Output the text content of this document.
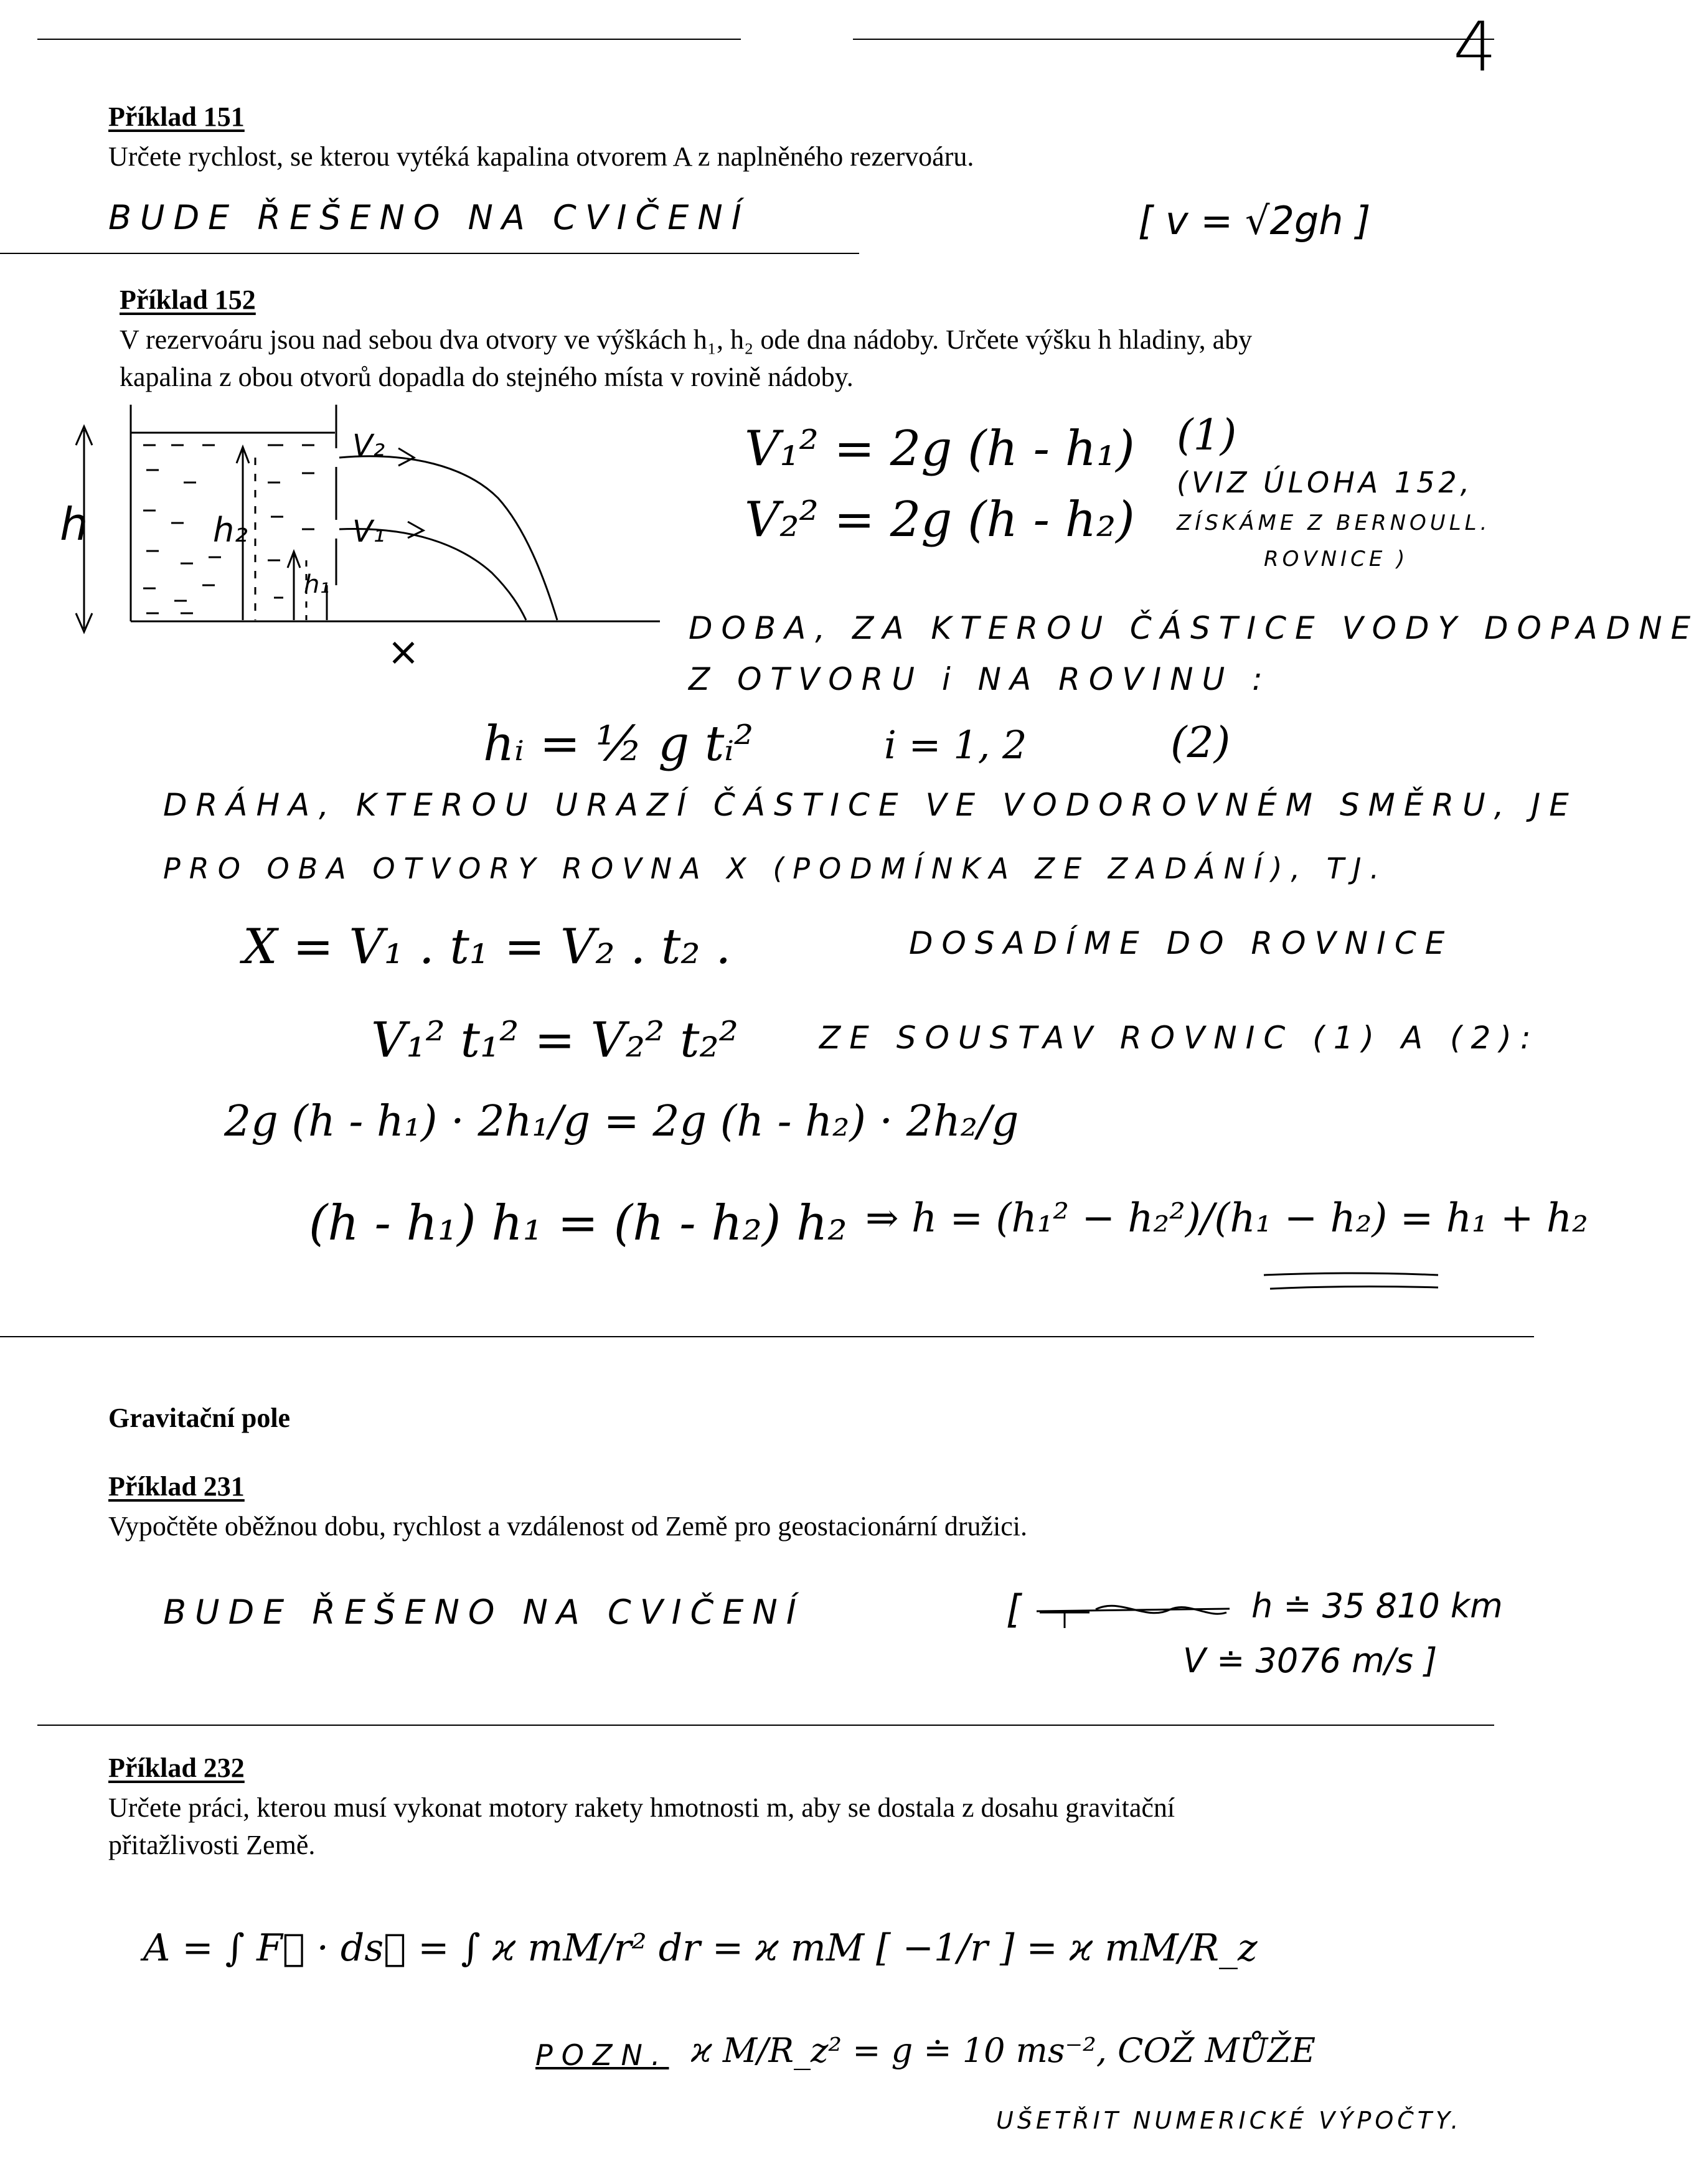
4
Příklad 151
Určete rychlost, se kterou vytéká kapalina otvorem A z naplněného rezervoáru.
BUDE ŘEŠENO NA CVIČENÍ	[ v = √2gh ]
Příklad 152
V rezervoáru jsou nad sebou dva otvory ve výškách h₁, h₂ ode dna nádoby. Určete výšku h hladiny, aby
kapalina z obou otvorů dopadla do stejného místa v rovině nádoby.
h	h₂
h₁
V₂
V₁
×
V₁² = 2g (h - h₁)
V₂² = 2g (h - h₂)
(1)
(VIZ ÚLOHA 152,
ZÍSKÁME Z BERNOULL.
ROVNICE )
DOBA, ZA KTEROU ČÁSTICE VODY DOPADNE
Z OTVORU i NA ROVINU :
hᵢ = ½ g tᵢ²	i = 1, 2	(2)
DRÁHA, KTEROU URAZÍ ČÁSTICE VE VODOROVNÉM SMĚRU, JE
PRO OBA OTVORY ROVNA X (PODMÍNKA ZE ZADÁNÍ), TJ.
X = V₁ . t₁ = V₂ . t₂ .	DOSADÍME DO ROVNICE
V₁² t₁² = V₂² t₂²	ZE SOUSTAV ROVNIC (1) A (2):
2g (h - h₁) · 2h₁/g = 2g (h - h₂) · 2h₂/g
(h - h₁) h₁ = (h - h₂) h₂ ⇒ h = (h₁² − h₂²)/(h₁ − h₂) = h₁ + h₂
Gravitační pole
Příklad 231
Vypočtěte oběžnou dobu, rychlost a vzdálenost od Země pro geostacionární družici.
BUDE ŘEŠENO NA CVIČENÍ	[	h ≐ 35 810 km
V ≐ 3076 m/s ]
Příklad 232
Určete práci, kterou musí vykonat motory rakety hmotnosti m, aby se dostala z dosahu gravitační
přitažlivosti Země.
A = ∫ F⃗ · ds⃗ = ∫ ϰ mM/r² dr = ϰ mM [ −1/r ] = ϰ mM/R_z
POZN. ϰ M/R_z² = g ≐ 10 ms⁻², COŽ MŮŽE
UŠETŘIT NUMERICKÉ VÝPOČTY.
